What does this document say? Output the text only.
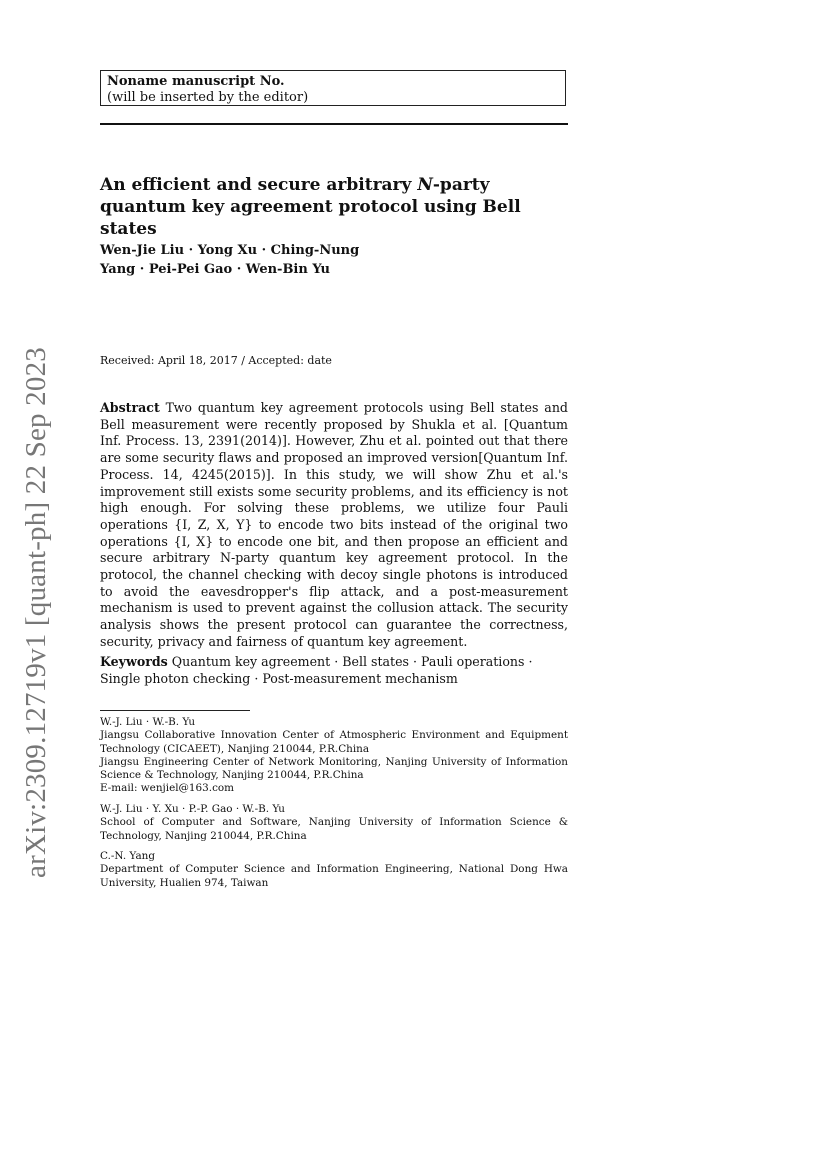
arXiv:2309.12719v1 [quant-ph] 22 Sep 2023
Noname manuscript No.
(will be inserted by the editor)
An efficient and secure arbitrary N-party quantum key agreement protocol using Bell states
Wen-Jie Liu · Yong Xu · Ching-Nung
Yang · Pei-Pei Gao · Wen-Bin Yu
Received: April 18, 2017 / Accepted: date

Abstract Two quantum key agreement protocols using Bell states and Bell measurement were recently proposed by Shukla et al. [Quantum Inf. Process. 13, 2391(2014)]. However, Zhu et al. pointed out that there are some security flaws and proposed an improved version[Quantum Inf. Process. 14, 4245(2015)]. In this study, we will show Zhu et al.'s improvement still exists some security problems, and its efficiency is not high enough. For solving these problems, we utilize four Pauli operations {I, Z, X, Y} to encode two bits instead of the original two operations {I, X} to encode one bit, and then propose an efficient and secure arbitrary N-party quantum key agreement protocol. In the protocol, the channel checking with decoy single photons is introduced to avoid the eavesdropper's flip attack, and a post-measurement mechanism is used to prevent against the collusion attack. The security analysis shows the present protocol can guarantee the correctness, security, privacy and fairness of quantum key agreement.

Keywords Quantum key agreement · Bell states · Pauli operations · Single photon checking · Post-measurement mechanism

W.-J. Liu · W.-B. Yu
Jiangsu Collaborative Innovation Center of Atmospheric Environment and Equipment Technology (CICAEET), Nanjing 210044, P.R.China
Jiangsu Engineering Center of Network Monitoring, Nanjing University of Information Science & Technology, Nanjing 210044, P.R.China
E-mail: wenjiel@163.com
W.-J. Liu · Y. Xu · P.-P. Gao · W.-B. Yu
School of Computer and Software, Nanjing University of Information Science & Technology, Nanjing 210044, P.R.China
C.-N. Yang
Department of Computer Science and Information Engineering, National Dong Hwa University, Hualien 974, Taiwan
